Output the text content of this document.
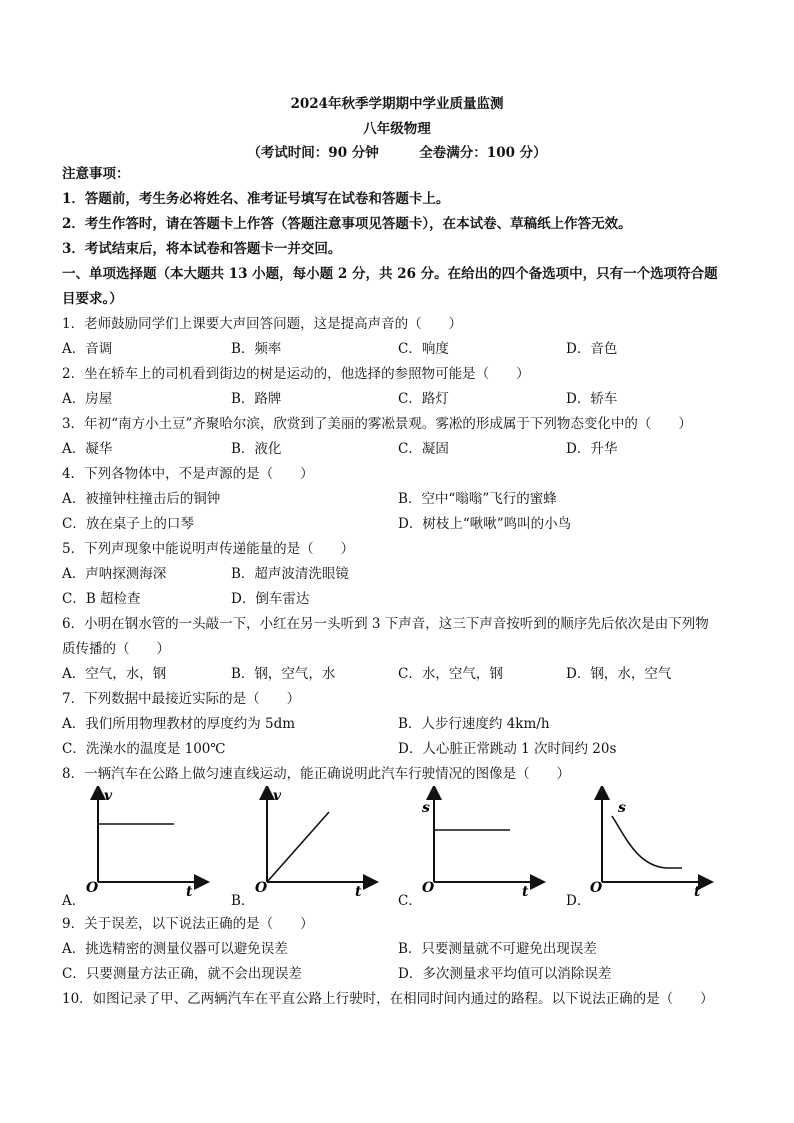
2024年秋季学期期中学业质量监测
八年级物理
（考试时间：90 分钟　　　全卷满分：100 分）
注意事项：
1．答题前，考生务必将姓名、准考证号填写在试卷和答题卡上。
2．考生作答时，请在答题卡上作答（答题注意事项见答题卡），在本试卷、草稿纸上作答无效。
3．考试结束后，将本试卷和答题卡一并交回。
一、单项选择题（本大题共 13 小题，每小题 2 分，共 26 分。在给出的四个备选项中，只有一个选项符合题
目要求。）
1．老师鼓励同学们上课要大声回答问题，这是提高声音的（　　）
A．音调	B．频率	C．响度	D．音色
2．坐在轿车上的司机看到街边的树是运动的，他选择的参照物可能是（　　）
A．房屋	B．路牌	C．路灯	D．轿车
3．年初“南方小土豆”齐聚哈尔滨，欣赏到了美丽的雾凇景观。雾凇的形成属于下列物态变化中的（　　）
A．凝华	B．液化	C．凝固	D．升华
4．下列各物体中，不是声源的是（　　）
A．被撞钟柱撞击后的铜钟	B．空中“嗡嗡”飞行的蜜蜂
C．放在桌子上的口琴	D．树枝上“啾啾”鸣叫的小鸟
5．下列声现象中能说明声传递能量的是（　　）
A．声呐探测海深	B．超声波清洗眼镜
C．B 超检查	D．倒车雷达
6．小明在钢水管的一头敲一下，小红在另一头听到 3 下声音，这三下声音按听到的顺序先后依次是由下列物
质传播的（　　）
A．空气，水，钢	B．钢，空气，水	C．水，空气，钢	D．钢，水，空气
7．下列数据中最接近实际的是（　　）
A．我们所用物理教材的厚度约为 5dm	B．人步行速度约 4km/h
C．洗澡水的温度是 100℃	D．人心脏正常跳动 1 次时间约 20s
8．一辆汽车在公路上做匀速直线运动，能正确说明此汽车行驶情况的图像是（　　）
A．	B．	C．	D．
v
O	t
v
O	t
s
O	t
s
O	t
9．关于误差，以下说法正确的是（　　）
A．挑选精密的测量仪器可以避免误差	B．只要测量就不可避免出现误差
C．只要测量方法正确，就不会出现误差	D．多次测量求平均值可以消除误差
10．如图记录了甲、乙两辆汽车在平直公路上行驶时，在相同时间内通过的路程。以下说法正确的是（　　）
